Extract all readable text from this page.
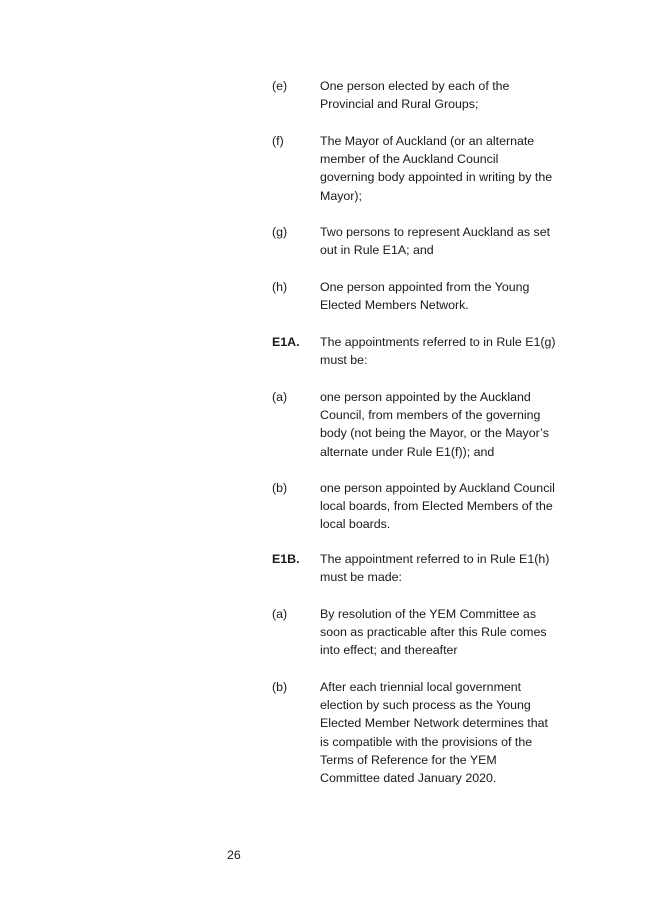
(e)	One person elected by each of the Provincial and Rural Groups;
(f)	The Mayor of Auckland (or an alternate member of the Auckland Council governing body appointed in writing by the Mayor);
(g)	Two persons to represent Auckland as set out in Rule E1A; and
(h)	One person appointed from the Young Elected Members Network.
E1A.	The appointments referred to in Rule E1(g) must be:
(a)	one person appointed by the Auckland Council, from members of the governing body (not being the Mayor, or the Mayor’s alternate under Rule E1(f)); and
(b)	one person appointed by Auckland Council local boards, from Elected Members of the local boards.
E1B.	The appointment referred to in Rule E1(h) must be made:
(a)	By resolution of the YEM Committee as soon as practicable after this Rule comes into effect; and thereafter
(b)	After each triennial local government election by such process as the Young Elected Member Network determines that is compatible with the provisions of the Terms of Reference for the YEM Committee dated January 2020.
26
